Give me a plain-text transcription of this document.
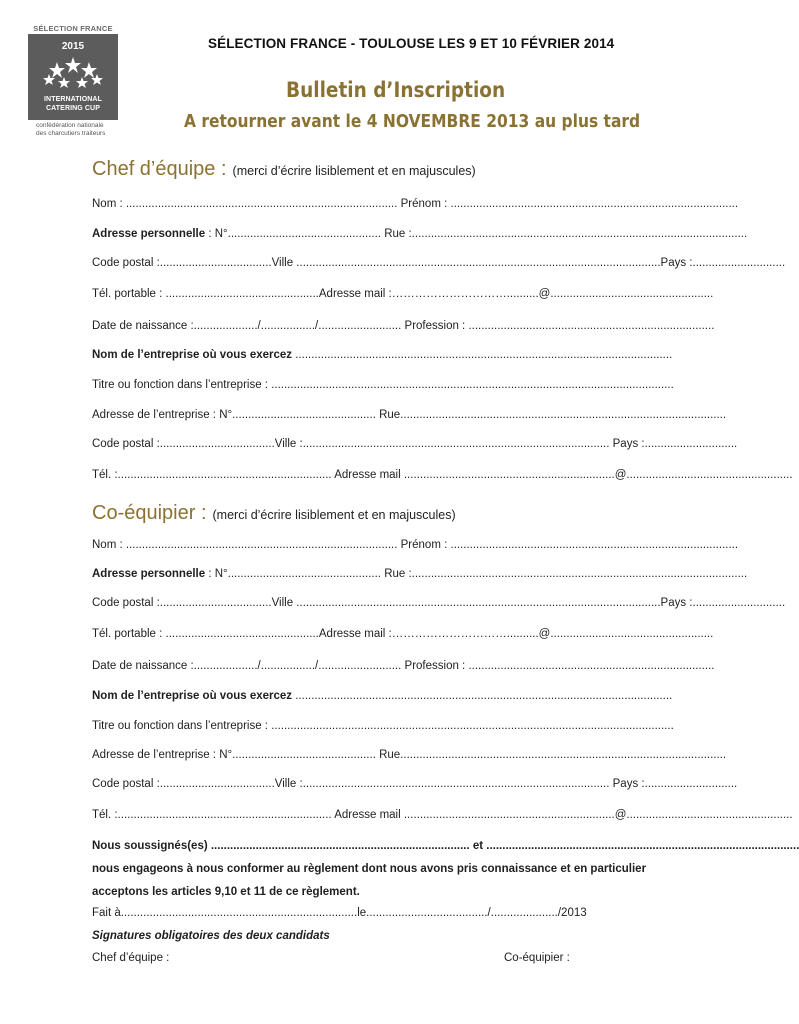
SÉLECTION FRANCE
2015
INTERNATIONAL
CATERING CUP
confédération nationale
des charcutiers traiteurs
SÉLECTION FRANCE - TOULOUSE LES 9 ET 10 FÉVRIER 2014
Bulletin d’Inscription
A retourner avant le 4 NOVEMBRE 2013 au plus tard
Chef d’équipe : (merci d’écrire lisiblement et en majuscules)
Nom : ..................................................................................... Prénom : ..........................................................................................
Adresse personnelle : N°................................................ Rue :.........................................................................................................
Code postal :...................................Ville ..................................................................................................................Pays :.............................
Tél. portable : ................................................Adresse mail :…………………………..........@...................................................
Date de naissance :..................../................./.......................... Profession : .............................................................................
Nom de l’entreprise où vous exercez ......................................................................................................................
Titre ou fonction dans l’entreprise : ..............................................................................................................................
Adresse de l’entreprise : N°............................................. Rue......................................................................................................
Code postal :....................................Ville :................................................................................................ Pays :.............................
Tél. :................................................................... Adresse mail ..................................................................@....................................................
Co-équipier : (merci d’écrire lisiblement et en majuscules)
Nom : ..................................................................................... Prénom : ..........................................................................................
Adresse personnelle : N°................................................ Rue :.........................................................................................................
Code postal :...................................Ville ..................................................................................................................Pays :.............................
Tél. portable : ................................................Adresse mail :…………………………..........@...................................................
Date de naissance :..................../................./.......................... Profession : .............................................................................
Nom de l’entreprise où vous exercez ......................................................................................................................
Titre ou fonction dans l’entreprise : ..............................................................................................................................
Adresse de l’entreprise : N°............................................. Rue......................................................................................................
Code postal :....................................Ville :................................................................................................ Pays :.............................
Tél. :................................................................... Adresse mail ..................................................................@....................................................
Nous soussignés(es) ................................................................................. et ..................................................................................................
nous engageons à nous conformer au règlement dont nous avons pris connaissance et en particulier
acceptons les articles 9,10 et 11 de ce règlement.
Fait à..........................................................................le....................................../...................../2013
Signatures obligatoires des deux candidats
Chef d’équipe :	Co-équipier :
